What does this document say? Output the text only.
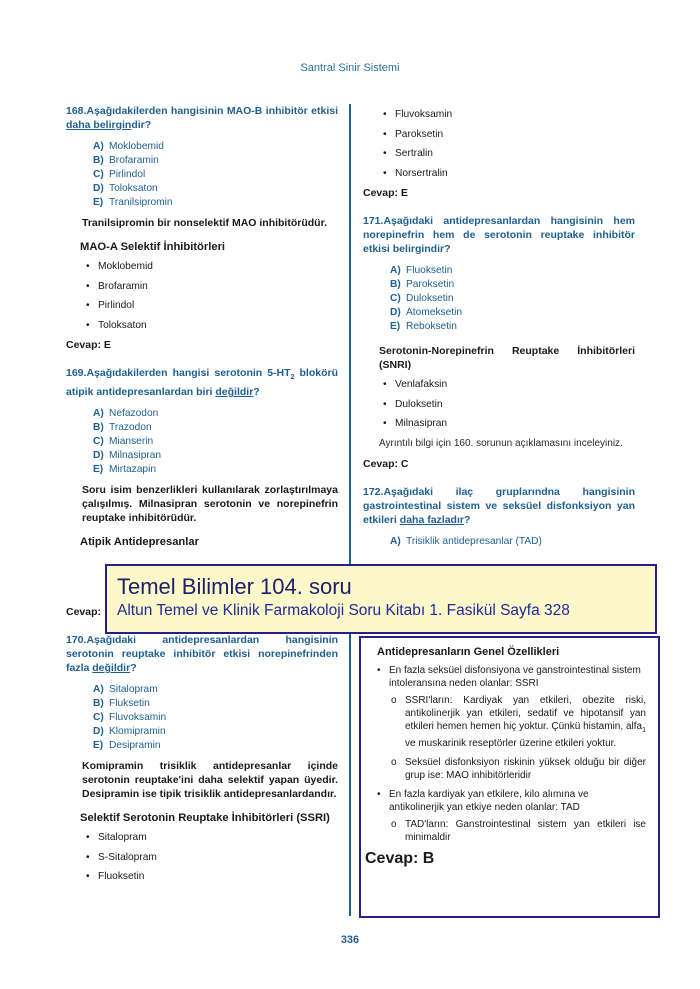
Santral Sinir Sistemi
168.Aşağıdakilerden hangisinin MAO-B inhibitör etkisi daha belirgindir?
A) Moklobemid
B) Brofaramin
C) Pirlindol
D) Toloksaton
E) Tranilsipromin
Tranilsipromin bir nonselektif MAO inhibitörüdür.
MAO-A Selektif İnhibitörleri
• Moklobemid
• Brofaramin
• Pirlindol
• Toloksaton
Cevap: E
169.Aşağıdakilerden hangisi serotonin $5-HT_2$ blokörü atipik antidepresanlardan biri değildir?
A) Nefazodon
B) Trazodon
C) Mianserin
D) Milnasipran
E) Mirtazapin
Soru isim benzerlikleri kullanılarak zorlaştırılmaya çalışılmış. Milnasipran serotonin ve norepinefrin reuptake inhibitörüdür.
Atipik Antidepresanlar
Cevap:
170.Aşağıdaki antidepresanlardan hangisinin serotonin reuptake inhibitör etkisi norepinefrinden fazla değildir?
A) Sitalopram
B) Fluksetin
C) Fluvoksamin
D) Klomipramin
E) Desipramin
Komipramin trisiklik antidepresanlar içinde serotonin reuptake'ini daha selektif yapan üyedir. Desipramin ise tipik trisiklik antidepresanlardandır.
Selektif Serotonin Reuptake İnhibitörleri (SSRI)
• Sitalopram
• S-Sitalopram
• Fluoksetin
• Fluvoksamin
• Paroksetin
• Sertralin
• Norsertralin
Cevap: E
171.Aşağıdaki antidepresanlardan hangisinin hem norepinefrin hem de serotonin reuptake inhibitör etkisi belirgindir?
A) Fluoksetin
B) Paroksetin
C) Duloksetin
D) Atomeksetin
E) Reboksetin
Serotonin-Norepinefrin Reuptake İnhibitörleri (SNRI)
• Venlafaksin
• Duloksetin
• Milnasipran
Ayrıntılı bilgi için 160. sorunun açıklamasını inceleyiniz.
Cevap: C
172.Aşağıdaki ilaç gruplarındna hangisinin gastrointestinal sistem ve seksüel disfonksiyon yan etkileri daha fazladır?
A) Trisiklik antidepresanlar (TAD)
Antidepresanların Genel Özellikleri
• En fazla seksüel disfonsiyona ve ganstrointestinal sistem intoleransına neden olanlar: SSRI
o SSRI'ların: Kardiyak yan etkileri, obezite riski, antikolinerjik yan etkileri, sedatif ve hipotansif yan etkileri hemen hemen hiç yoktur. Çünkü histamin, alfa$_1$ ve muskarinik reseptörler üzerine etkileri yoktur.
o Seksüel disfonksiyon riskinin yüksek olduğu bir diğer grup ise: MAO inhibitörleridir
• En fazla kardiyak yan etkilere, kilo alımına ve antikolinerjik yan etkiye neden olanlar: TAD
o TAD'ların: Ganstrointestinal sistem yan etkileri ise minimaldir
Cevap: B
Temel Bilimler 104. soru
Altun Temel ve Klinik Farmakoloji Soru Kitabı 1. Fasikül Sayfa 328
336
